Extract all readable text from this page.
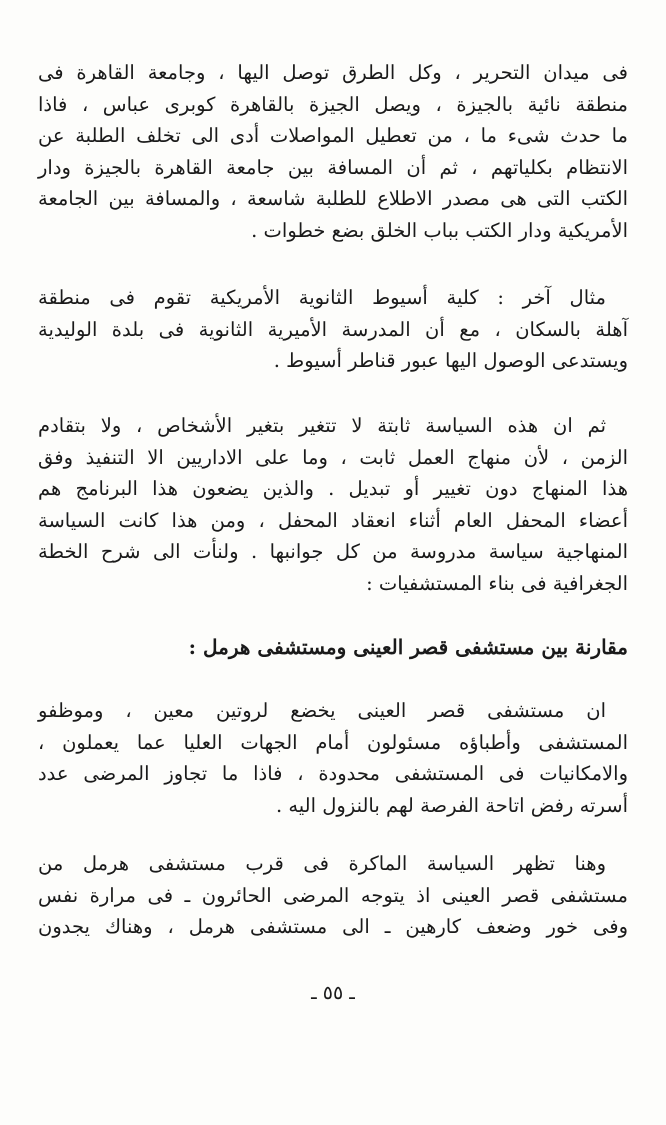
فى ميدان التحرير ، وكل الطرق توصل اليها ، وجامعة القاهرة فى
منطقة نائية بالجيزة ، ويصل الجيزة بالقاهرة كوبرى عباس ، فاذا
ما حدث شىء ما ، من تعطيل المواصلات أدى الى تخلف الطلبة عن
الانتظام بكلياتهم ، ثم أن المسافة بين جامعة القاهرة بالجيزة ودار
الكتب التى هى مصدر الاطلاع للطلبة شاسعة ، والمسافة بين الجامعة
الأمريكية ودار الكتب بباب الخلق بضع خطوات .
مثال آخر : كلية أسيوط الثانوية الأمريكية تقوم فى منطقة
آهلة بالسكان ، مع أن المدرسة الأميرية الثانوية فى بلدة الوليدية
ويستدعى الوصول اليها عبور قناطر أسيوط .
ثم ان هذه السياسة ثابتة لا تتغير بتغير الأشخاص ، ولا بتقادم
الزمن ، لأن منهاج العمل ثابت ، وما على الاداريين الا التنفيذ وفق
هذا المنهاج دون تغيير أو تبديل . والذين يضعون هذا البرنامج هم
أعضاء المحفل العام أثناء انعقاد المحفل ، ومن هذا كانت السياسة
المنهاجية سياسة مدروسة من كل جوانبها . ولنأت الى شرح الخطة
الجغرافية فى بناء المستشفيات :
مقارنة بين مستشفى قصر العينى ومستشفى هرمل :
ان مستشفى قصر العينى يخضع لروتين معين ، وموظفو
المستشفى وأطباؤه مسئولون أمام الجهات العليا عما يعملون ،
والامكانيات فى المستشفى محدودة ، فاذا ما تجاوز المرضى عدد
أسرته رفض اتاحة الفرصة لهم بالنزول اليه .
وهنا تظهر السياسة الماكرة فى قرب مستشفى هرمل من
مستشفى قصر العينى اذ يتوجه المرضى الحائرون ـ فى مرارة نفس
وفى خور وضعف كارهين ـ الى مستشفى هرمل ، وهناك يجدون
ـ ٥٥ ـ
